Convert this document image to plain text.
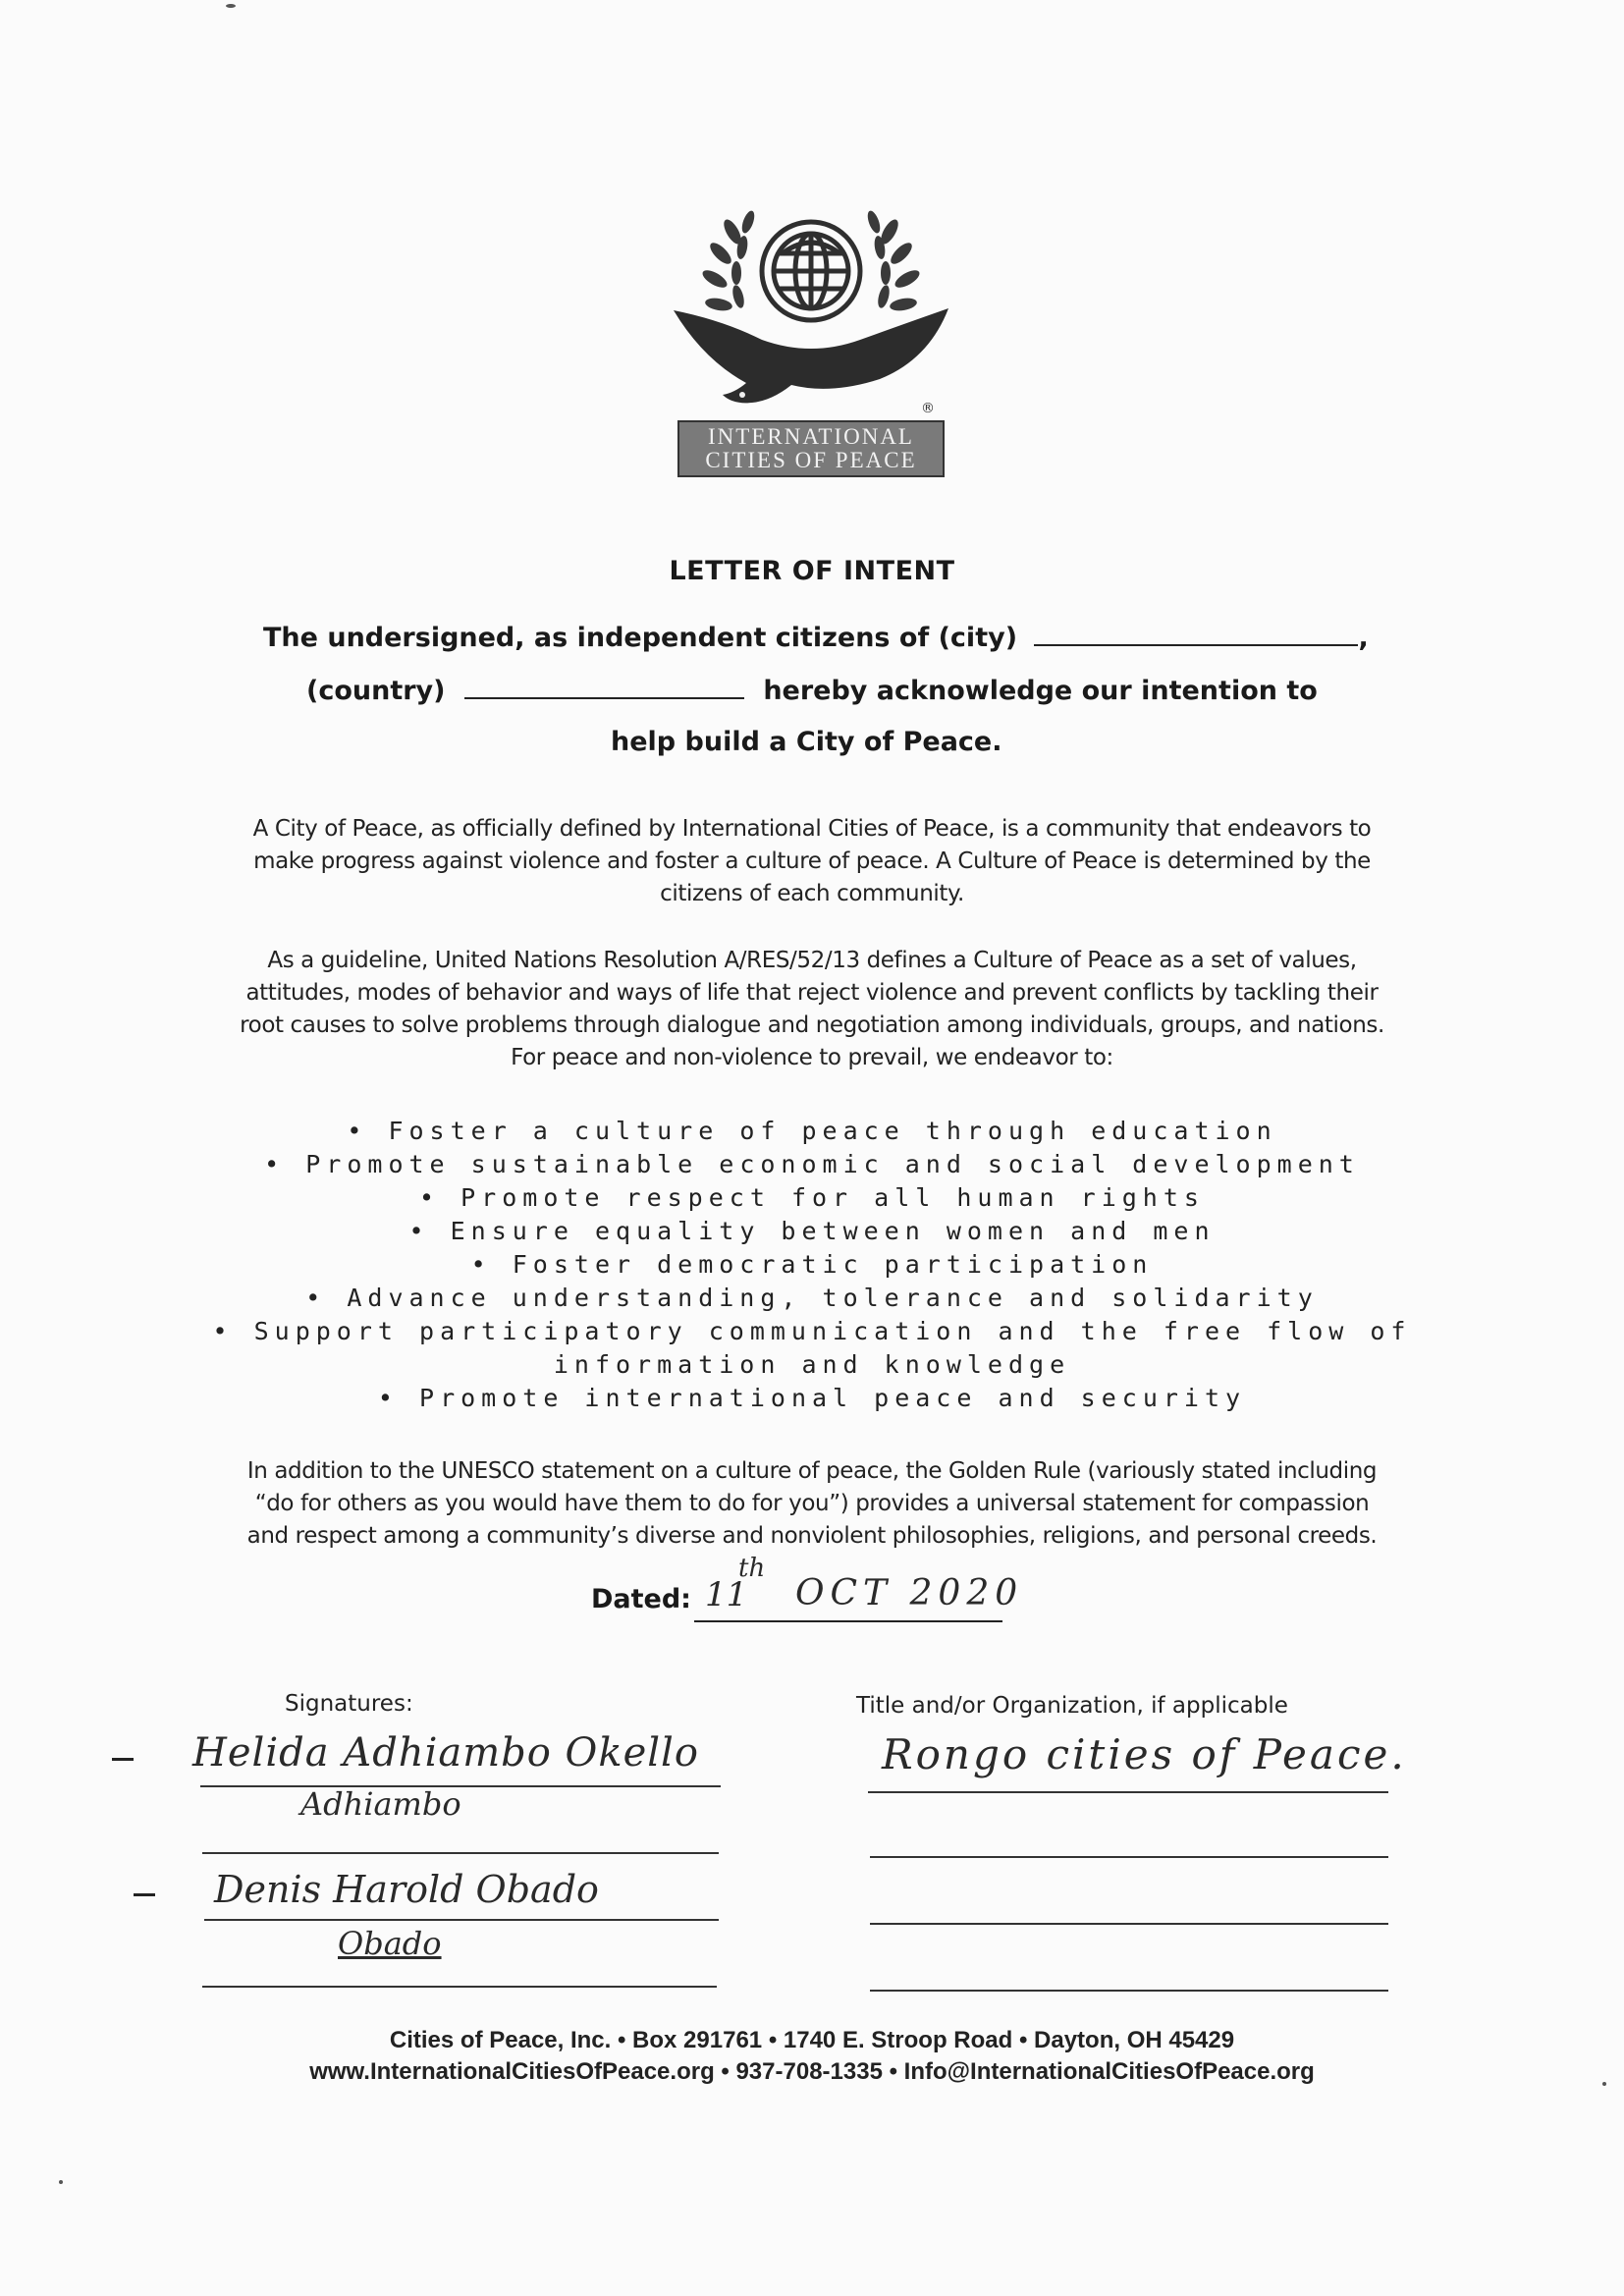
®
INTERNATIONAL
CITIES OF PEACE
LETTER OF INTENT
The undersigned, as independent citizens of (city)	,
(country)	hereby acknowledge our intention to
help build a City of Peace.
A City of Peace, as officially defined by International Cities of Peace, is a community that endeavors to
make progress against violence and foster a culture of peace. A Culture of Peace is determined by the
citizens of each community.
As a guideline, United Nations Resolution A/RES/52/13 defines a Culture of Peace as a set of values,
attitudes, modes of behavior and ways of life that reject violence and prevent conflicts by tackling their
root causes to solve problems through dialogue and negotiation among individuals, groups, and nations.
For peace and non-violence to prevail, we endeavor to:
• Foster a culture of peace through education
• Promote sustainable economic and social development
• Promote respect for all human rights
• Ensure equality between women and men
• Foster democratic participation
• Advance understanding, tolerance and solidarity
• Support participatory communication and the free flow of
information and knowledge
• Promote international peace and security
In addition to the UNESCO statement on a culture of peace, the Golden Rule (variously stated including
“do for others as you would have them to do for you”) provides a universal statement for compassion
and respect among a community’s diverse and nonviolent philosophies, religions, and personal creeds.
Dated: 11
th
OCT 2020
Signatures:	Title and/or Organization, if applicable
Helida Adhiambo Okello
Adhiambo
Denis Harold Obado
Obado
Rongo cities of Peace.
Cities of Peace, Inc. • Box 291761 • 1740 E. Stroop Road • Dayton, OH 45429
www.InternationalCitiesOfPeace.org • 937-708-1335 • Info@InternationalCitiesOfPeace.org
